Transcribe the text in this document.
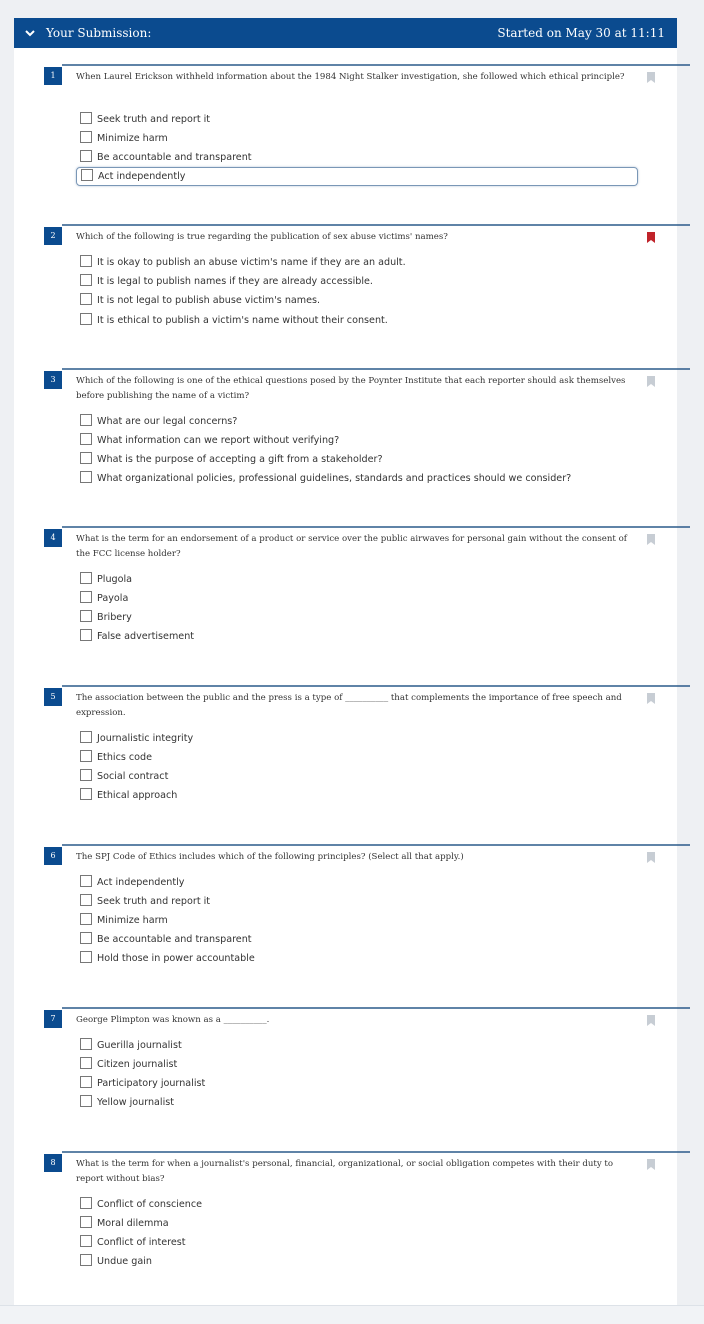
Your Submission:	Started on May 30 at 11:11
1	When Laurel Erickson withheld information about the 1984 Night Stalker investigation, she followed which ethical principle?
Seek truth and report it
Minimize harm
Be accountable and transparent
Act independently
2	Which of the following is true regarding the publication of sex abuse victims' names?
It is okay to publish an abuse victim's name if they are an adult.
It is legal to publish names if they are already accessible.
It is not legal to publish abuse victim's names.
It is ethical to publish a victim's name without their consent.
3	Which of the following is one of the ethical questions posed by the Poynter Institute that each reporter should ask themselves before publishing the name of a victim?
What are our legal concerns?
What information can we report without verifying?
What is the purpose of accepting a gift from a stakeholder?
What organizational policies, professional guidelines, standards and practices should we consider?
4	What is the term for an endorsement of a product or service over the public airwaves for personal gain without the consent of the FCC license holder?
Plugola
Payola
Bribery
False advertisement
5	The association between the public and the press is a type of __________ that complements the importance of free speech and expression.
Journalistic integrity
Ethics code
Social contract
Ethical approach
6	The SPJ Code of Ethics includes which of the following principles? (Select all that apply.)
Act independently
Seek truth and report it
Minimize harm
Be accountable and transparent
Hold those in power accountable
7	George Plimpton was known as a __________.
Guerilla journalist
Citizen journalist
Participatory journalist
Yellow journalist
8	What is the term for when a journalist's personal, financial, organizational, or social obligation competes with their duty to report without bias?
Conflict of conscience
Moral dilemma
Conflict of interest
Undue gain
